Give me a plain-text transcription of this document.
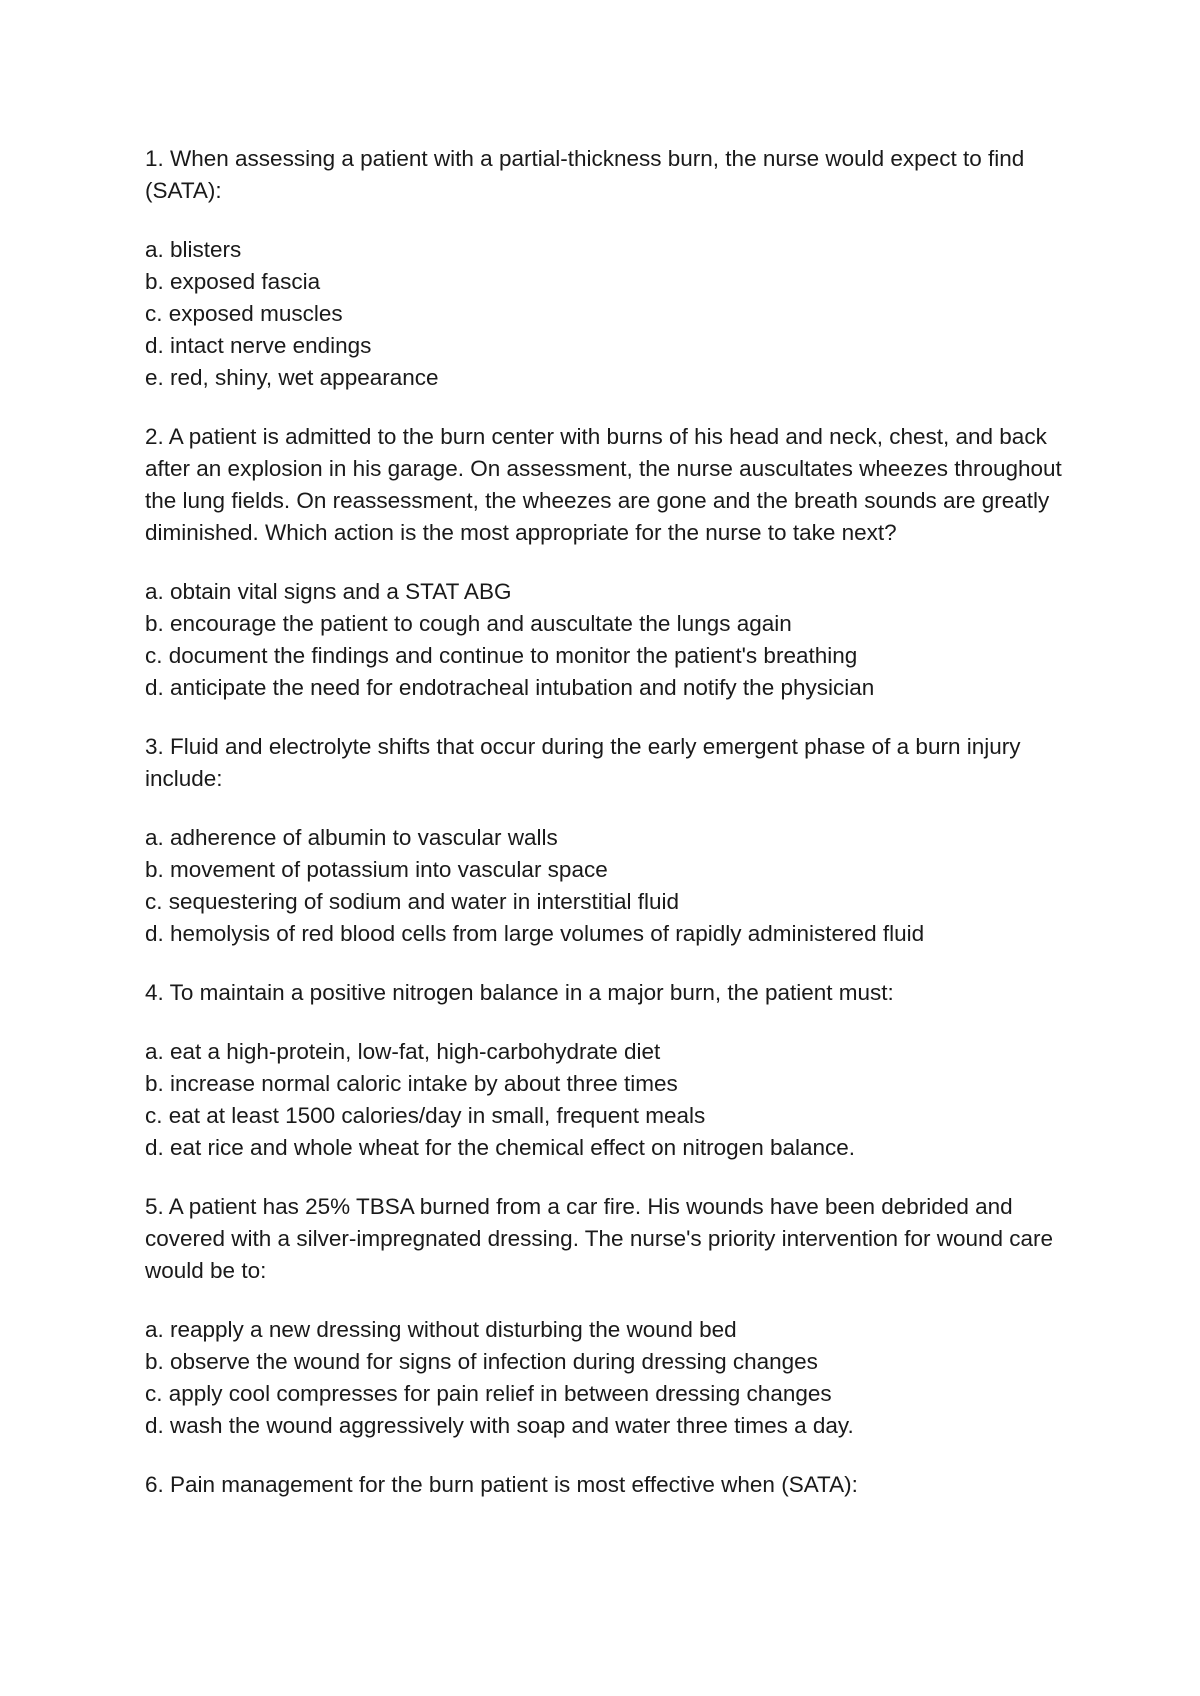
1. When assessing a patient with a partial-thickness burn, the nurse would expect to find (SATA):

a. blisters
b. exposed fascia
c. exposed muscles
d. intact nerve endings
e. red, shiny, wet appearance

2. A patient is admitted to the burn center with burns of his head and neck, chest, and back after an explosion in his garage. On assessment, the nurse auscultates wheezes throughout the lung fields. On reassessment, the wheezes are gone and the breath sounds are greatly diminished. Which action is the most appropriate for the nurse to take next?

a. obtain vital signs and a STAT ABG
b. encourage the patient to cough and auscultate the lungs again
c. document the findings and continue to monitor the patient's breathing
d. anticipate the need for endotracheal intubation and notify the physician

3. Fluid and electrolyte shifts that occur during the early emergent phase of a burn injury include:

a. adherence of albumin to vascular walls
b. movement of potassium into vascular space
c. sequestering of sodium and water in interstitial fluid
d. hemolysis of red blood cells from large volumes of rapidly administered fluid

4. To maintain a positive nitrogen balance in a major burn, the patient must:

a. eat a high-protein, low-fat, high-carbohydrate diet
b. increase normal caloric intake by about three times
c. eat at least 1500 calories/day in small, frequent meals
d. eat rice and whole wheat for the chemical effect on nitrogen balance.

5. A patient has 25% TBSA burned from a car fire. His wounds have been debrided and covered with a silver-impregnated dressing. The nurse's priority intervention for wound care would be to:

a. reapply a new dressing without disturbing the wound bed
b. observe the wound for signs of infection during dressing changes
c. apply cool compresses for pain relief in between dressing changes
d. wash the wound aggressively with soap and water three times a day.

6. Pain management for the burn patient is most effective when (SATA):
